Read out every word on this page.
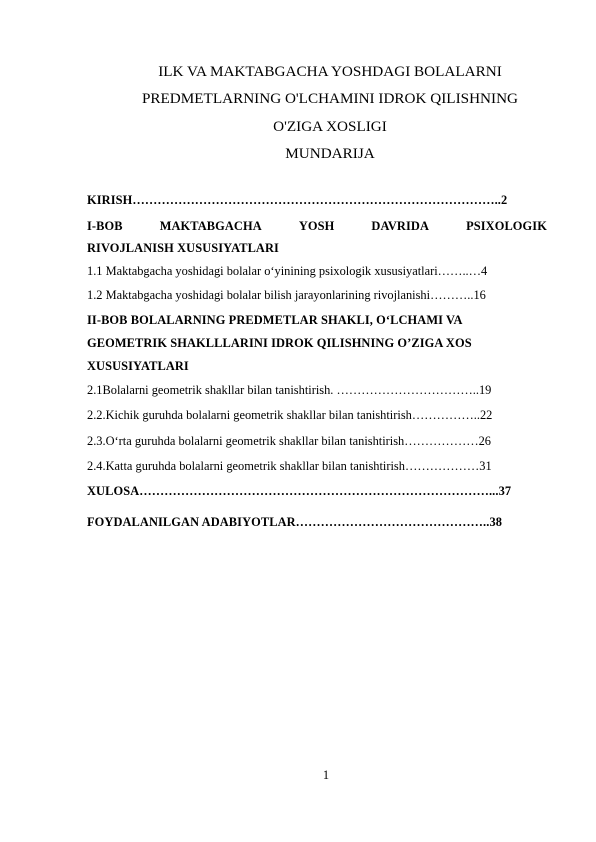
ILK VA MAKTABGACHA YOSHDAGI BOLALARNI
PREDMETLARNING O'LCHAMINI IDROK QILISHNING
O'ZIGA XOSLIGI
MUNDARIJA
KIRISH……………………………………………………………………………..2
I-BOB	MAKTABGACHA	YOSH	DAVRIDA	PSIXOLOGIK
RIVOJLANISH XUSUSIYATLARI
1.1 Maktabgacha yoshidagi bolalar o‘yinining psixologik xususiyatlari……..…4
1.2 Maktabgacha yoshidagi bolalar bilish jarayonlarining rivojlanishi………..16
II-BOB BOLALARNING PREDMETLAR SHAKLI, O‘LCHAMI VA
GEOMETRIK SHAKLLLARINI IDROK QILISHNING O’ZIGA XOS
XUSUSIYATLARI
2.1Bolalarni geometrik shakllar bilan tanishtirish. ……………………………..19
2.2.Kichik guruhda bolalarni geometrik shakllar bilan tanishtirish……………..22
2.3.O‘rta guruhda bolalarni geometrik shakllar bilan tanishtirish………………26
2.4.Katta guruhda bolalarni geometrik shakllar bilan tanishtirish………………31
XULOSA…………………………………………………………………………...37
FOYDALANILGAN ADABIYOTLAR………………………………………..38
1
